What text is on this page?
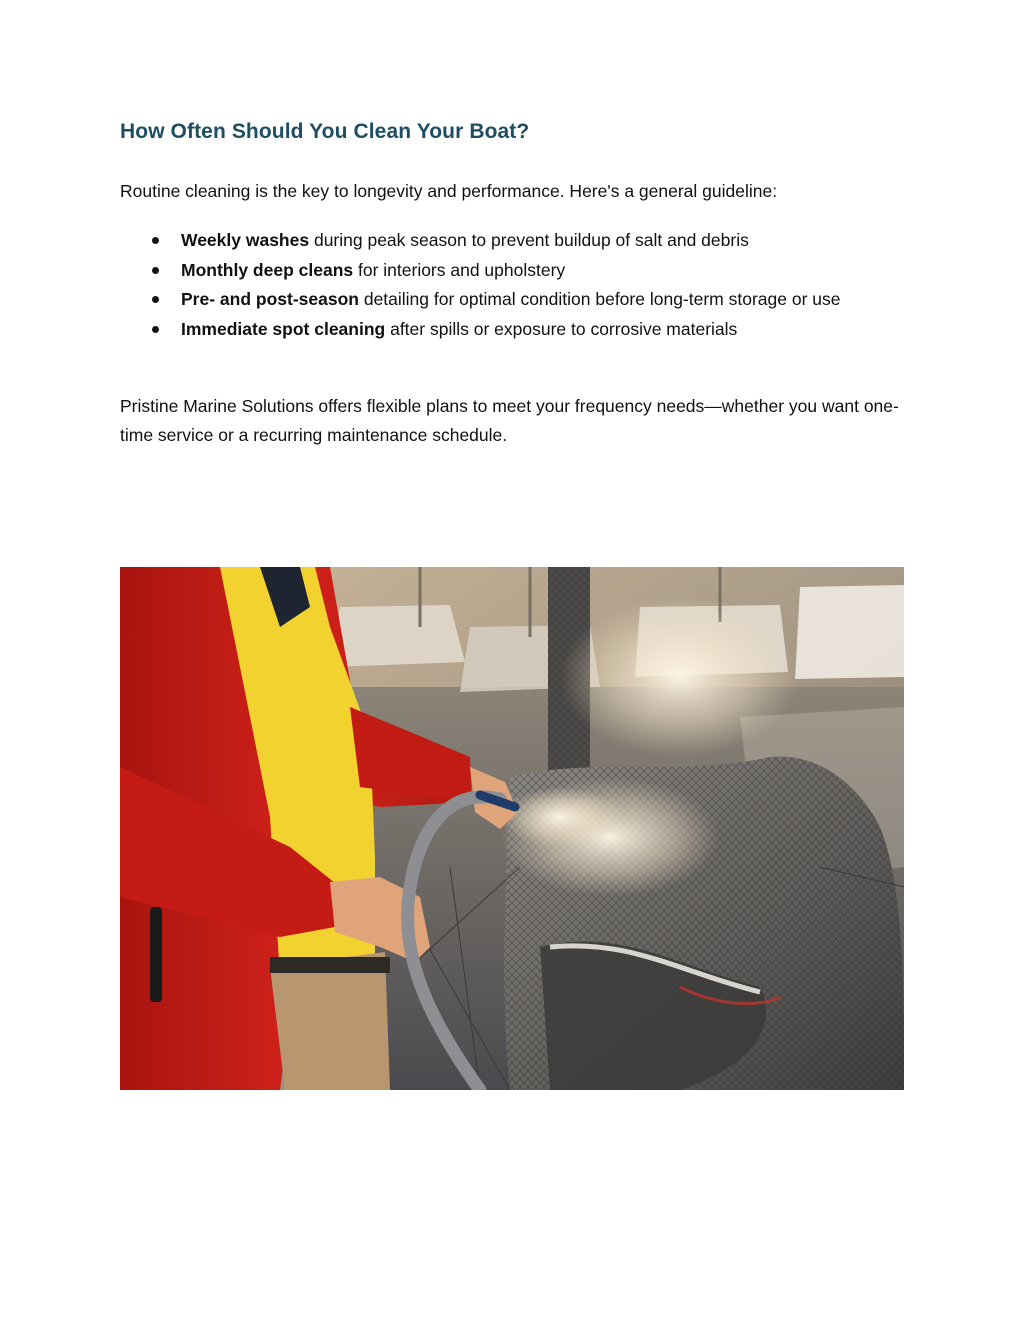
How Often Should You Clean Your Boat?

Routine cleaning is the key to longevity and performance. Here's a general guideline:

Weekly washes during peak season to prevent buildup of salt and debris
Monthly deep cleans for interiors and upholstery
Pre- and post-season detailing for optimal condition before long-term storage or use
Immediate spot cleaning after spills or exposure to corrosive materials

Pristine Marine Solutions offers flexible plans to meet your frequency needs—whether you want one-time service or a recurring maintenance schedule.
